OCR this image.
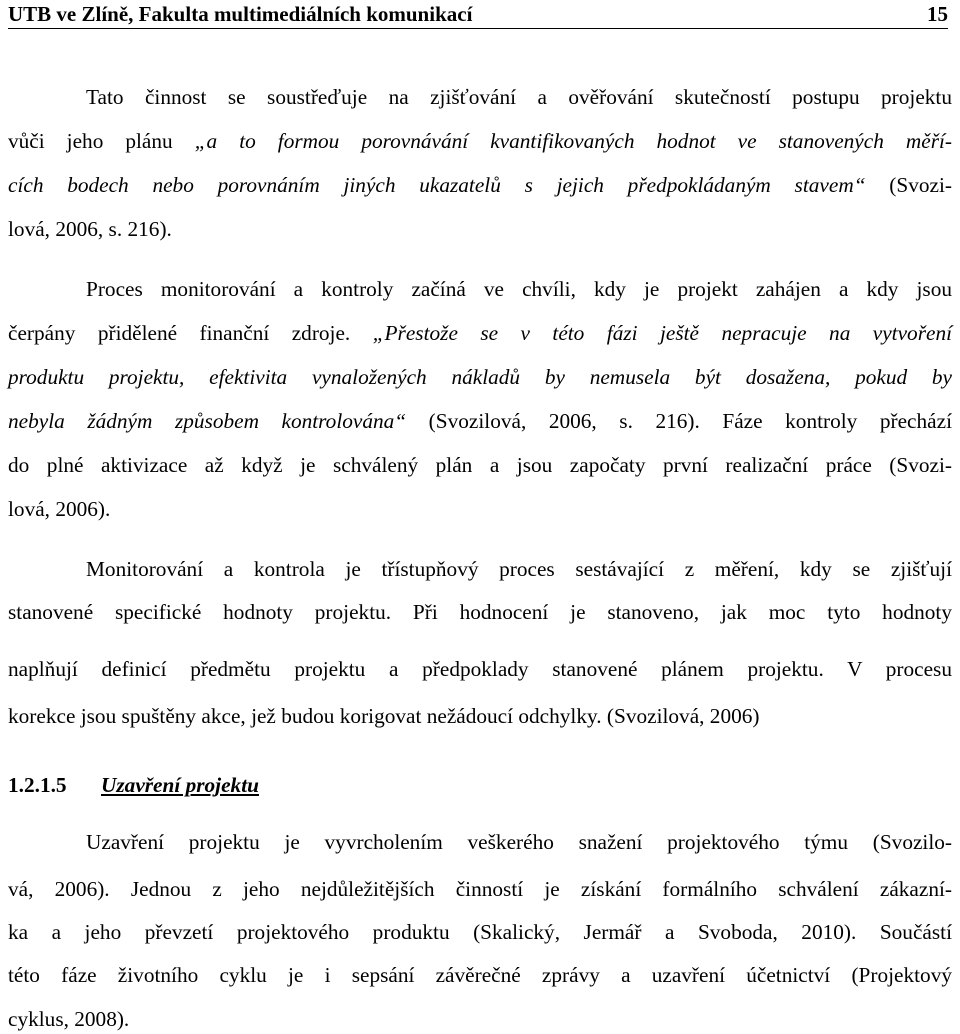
UTB ve Zlíně, Fakultа multimediálních komunikací	15
Tato činnost se soustřeďuje na zjišťování a ověřování skutečností postupu projektu
vůči jeho plánu „a to formou porovnávání kvantifikovaných hodnot ve stanovených měří-
cích bodech nebo porovnáním jiných ukazatelů s jejich předpokládaným stavem“ (Svozi-
lová, 2006, s. 216).
Proces monitorování a kontroly začíná ve chvíli, kdy je projekt zahájen a kdy jsou
čerpány přidělené finanční zdroje. „Přestože se v této fázi ještě nepracuje na vytvoření
produktu projektu, efektivita vynaložených nákladů by nemusela být dosažena, pokud by
nebyla žádným způsobem kontrolována“ (Svozilová, 2006, s. 216). Fáze kontroly přechází
do plné aktivizace až když je schválený plán a jsou započaty první realizační práce (Svozi-
lová, 2006).
Monitorování a kontrola je třístupňový proces sestávající z měření, kdy se zjišťují
stanovené specifické hodnoty projektu. Při hodnocení je stanoveno, jak moc tyto hodnoty
naplňují definicí předmětu projektu a předpoklady stanovené plánem projektu. V procesu
korekce jsou spuštěny akce, jež budou korigovat nežádoucí odchylky. (Svozilová, 2006)
1.2.1.5 Uzavření projektu
Uzavření projektu je vyvrcholením veškerého snažení projektového týmu (Svozilo-
vá, 2006). Jednou z jeho nejdůležitějších činností je získání formálního schválení zákazní-
ka a jeho převzetí projektového produktu (Skalický, Jermář a Svoboda, 2010). Součástí
této fáze životního cyklu je i sepsání závěrečné zprávy a uzavření účetnictví (Projektový
cyklus, 2008).
